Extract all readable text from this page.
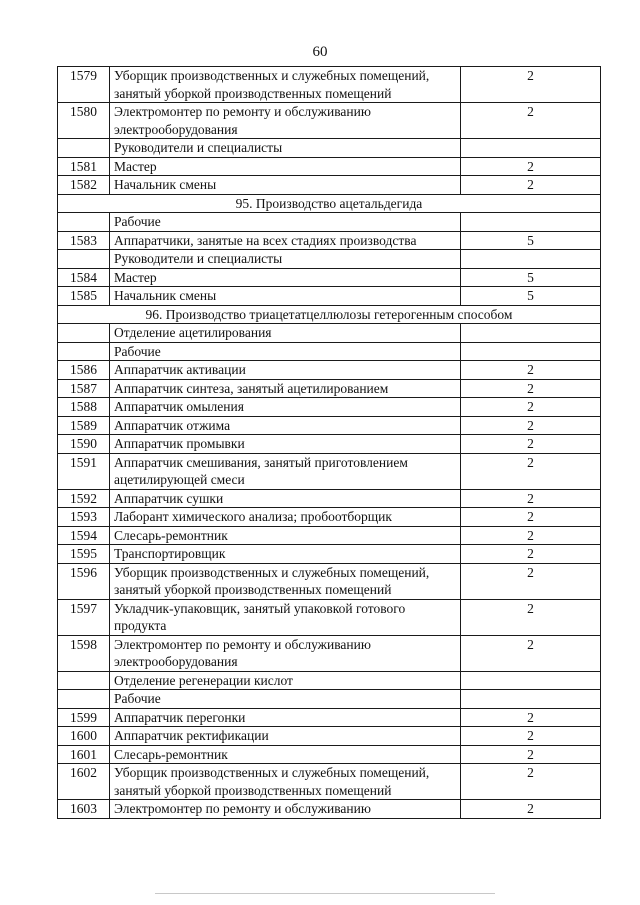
60
1579	Уборщик производственных и служебных помещений, занятый уборкой производственных помещений	2
1580	Электромонтер по ремонту и обслуживанию электрооборудования	2
	Руководители и специалисты	
1581	Мастер	2
1582	Начальник смены	2
95. Производство ацетальдегида		
	Рабочие	
1583	Аппаратчики, занятые на всех стадиях производства	5
	Руководители и специалисты	
1584	Мастер	5
1585	Начальник смены	5
96. Производство триацетатцеллюлозы гетерогенным способом		
	Отделение ацетилирования	
	Рабочие	
1586	Аппаратчик активации	2
1587	Аппаратчик синтеза, занятый ацетилированием	2
1588	Аппаратчик омыления	2
1589	Аппаратчик отжима	2
1590	Аппаратчик промывки	2
1591	Аппаратчик смешивания, занятый приготовлением ацетилирующей смеси	2
1592	Аппаратчик сушки	2
1593	Лаборант химического анализа; пробоотборщик	2
1594	Слесарь-ремонтник	2
1595	Транспортировщик	2
1596	Уборщик производственных и служебных помещений, занятый уборкой производственных помещений	2
1597	Укладчик-упаковщик, занятый упаковкой готового продукта	2
1598	Электромонтер по ремонту и обслуживанию электрооборудования	2
	Отделение регенерации кислот	
	Рабочие	
1599	Аппаратчик перегонки	2
1600	Аппаратчик ректификации	2
1601	Слесарь-ремонтник	2
1602	Уборщик производственных и служебных помещений, занятый уборкой производственных помещений	2
1603	Электромонтер по ремонту и обслуживанию	2
